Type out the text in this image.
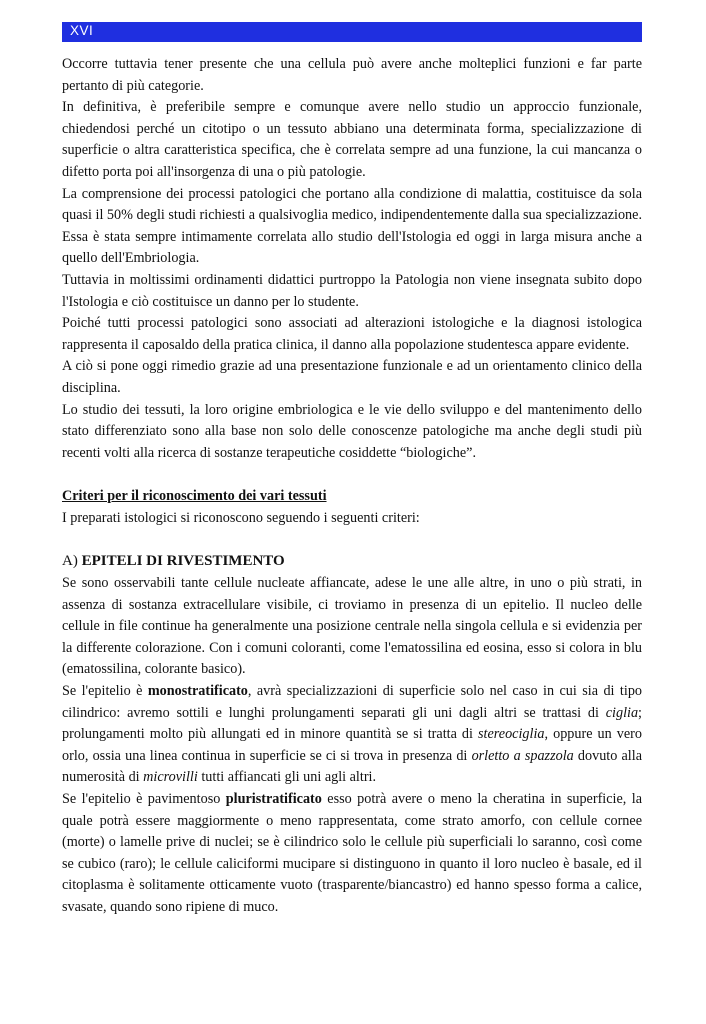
XVI

Occorre tuttavia tener presente che una cellula può avere anche molteplici funzioni e far parte pertanto di più categorie.

In definitiva, è preferibile sempre e comunque avere nello studio un approccio funzionale, chiedendosi perché un citotipo o un tessuto abbiano una determinata forma, specializzazione di superficie o altra caratteristica specifica, che è correlata sempre ad una funzione, la cui mancanza o difetto porta poi all'insorgenza di una o più patologie.

La comprensione dei processi patologici che portano alla condizione di malattia, costituisce da sola quasi il 50% degli studi richiesti a qualsivoglia medico, indipendentemente dalla sua specializzazione. Essa è stata sempre intimamente correlata allo studio dell'Istologia ed oggi in larga misura anche a quello dell'Embriologia.

Tuttavia in moltissimi ordinamenti didattici purtroppo la Patologia non viene insegnata subito dopo l'Istologia e ciò costituisce un danno per lo studente.

Poiché tutti processi patologici sono associati ad alterazioni istologiche e la diagnosi istologica rappresenta il caposaldo della pratica clinica, il danno alla popolazione studentesca appare evidente.

A ciò si pone oggi rimedio grazie ad una presentazione funzionale e ad un orientamento clinico della disciplina.

Lo studio dei tessuti, la loro origine embriologica e le vie dello sviluppo e del mantenimento dello stato differenziato sono alla base non solo delle conoscenze patologiche ma anche degli studi più recenti volti alla ricerca di sostanze terapeutiche cosiddette “biologiche”.

Criteri per il riconoscimento dei vari tessuti

I preparati istologici si riconoscono seguendo i seguenti criteri:

A) EPITELI DI RIVESTIMENTO

Se sono osservabili tante cellule nucleate affiancate, adese le une alle altre, in uno o più strati, in assenza di sostanza extracellulare visibile, ci troviamo in presenza di un epitelio. Il nucleo delle cellule in file continue ha generalmente una posizione centrale nella singola cellula e si evidenzia per la differente colorazione. Con i comuni coloranti, come l'ematossilina ed eosina, esso si colora in blu (ematossilina, colorante basico).

Se l'epitelio è monostratificato, avrà specializzazioni di superficie solo nel caso in cui sia di tipo cilindrico: avremo sottili e lunghi prolungamenti separati gli uni dagli altri se trattasi di ciglia; prolungamenti molto più allungati ed in minore quantità se si tratta di stereociglia, oppure un vero orlo, ossia una linea continua in superficie se ci si trova in presenza di orletto a spazzola dovuto alla numerosità di microvilli tutti affiancati gli uni agli altri.

Se l'epitelio è pavimentoso pluristratificato esso potrà avere o meno la cheratina in superficie, la quale potrà essere maggiormente o meno rappresentata, come strato amorfo, con cellule cornee (morte) o lamelle prive di nuclei; se è cilindrico solo le cellule più superficiali lo saranno, così come se cubico (raro); le cellule caliciformi mucipare si distinguono in quanto il loro nucleo è basale, ed il citoplasma è solitamente otticamente vuoto (trasparente/biancastro) ed hanno spesso forma a calice, svasate, quando sono ripiene di muco.
